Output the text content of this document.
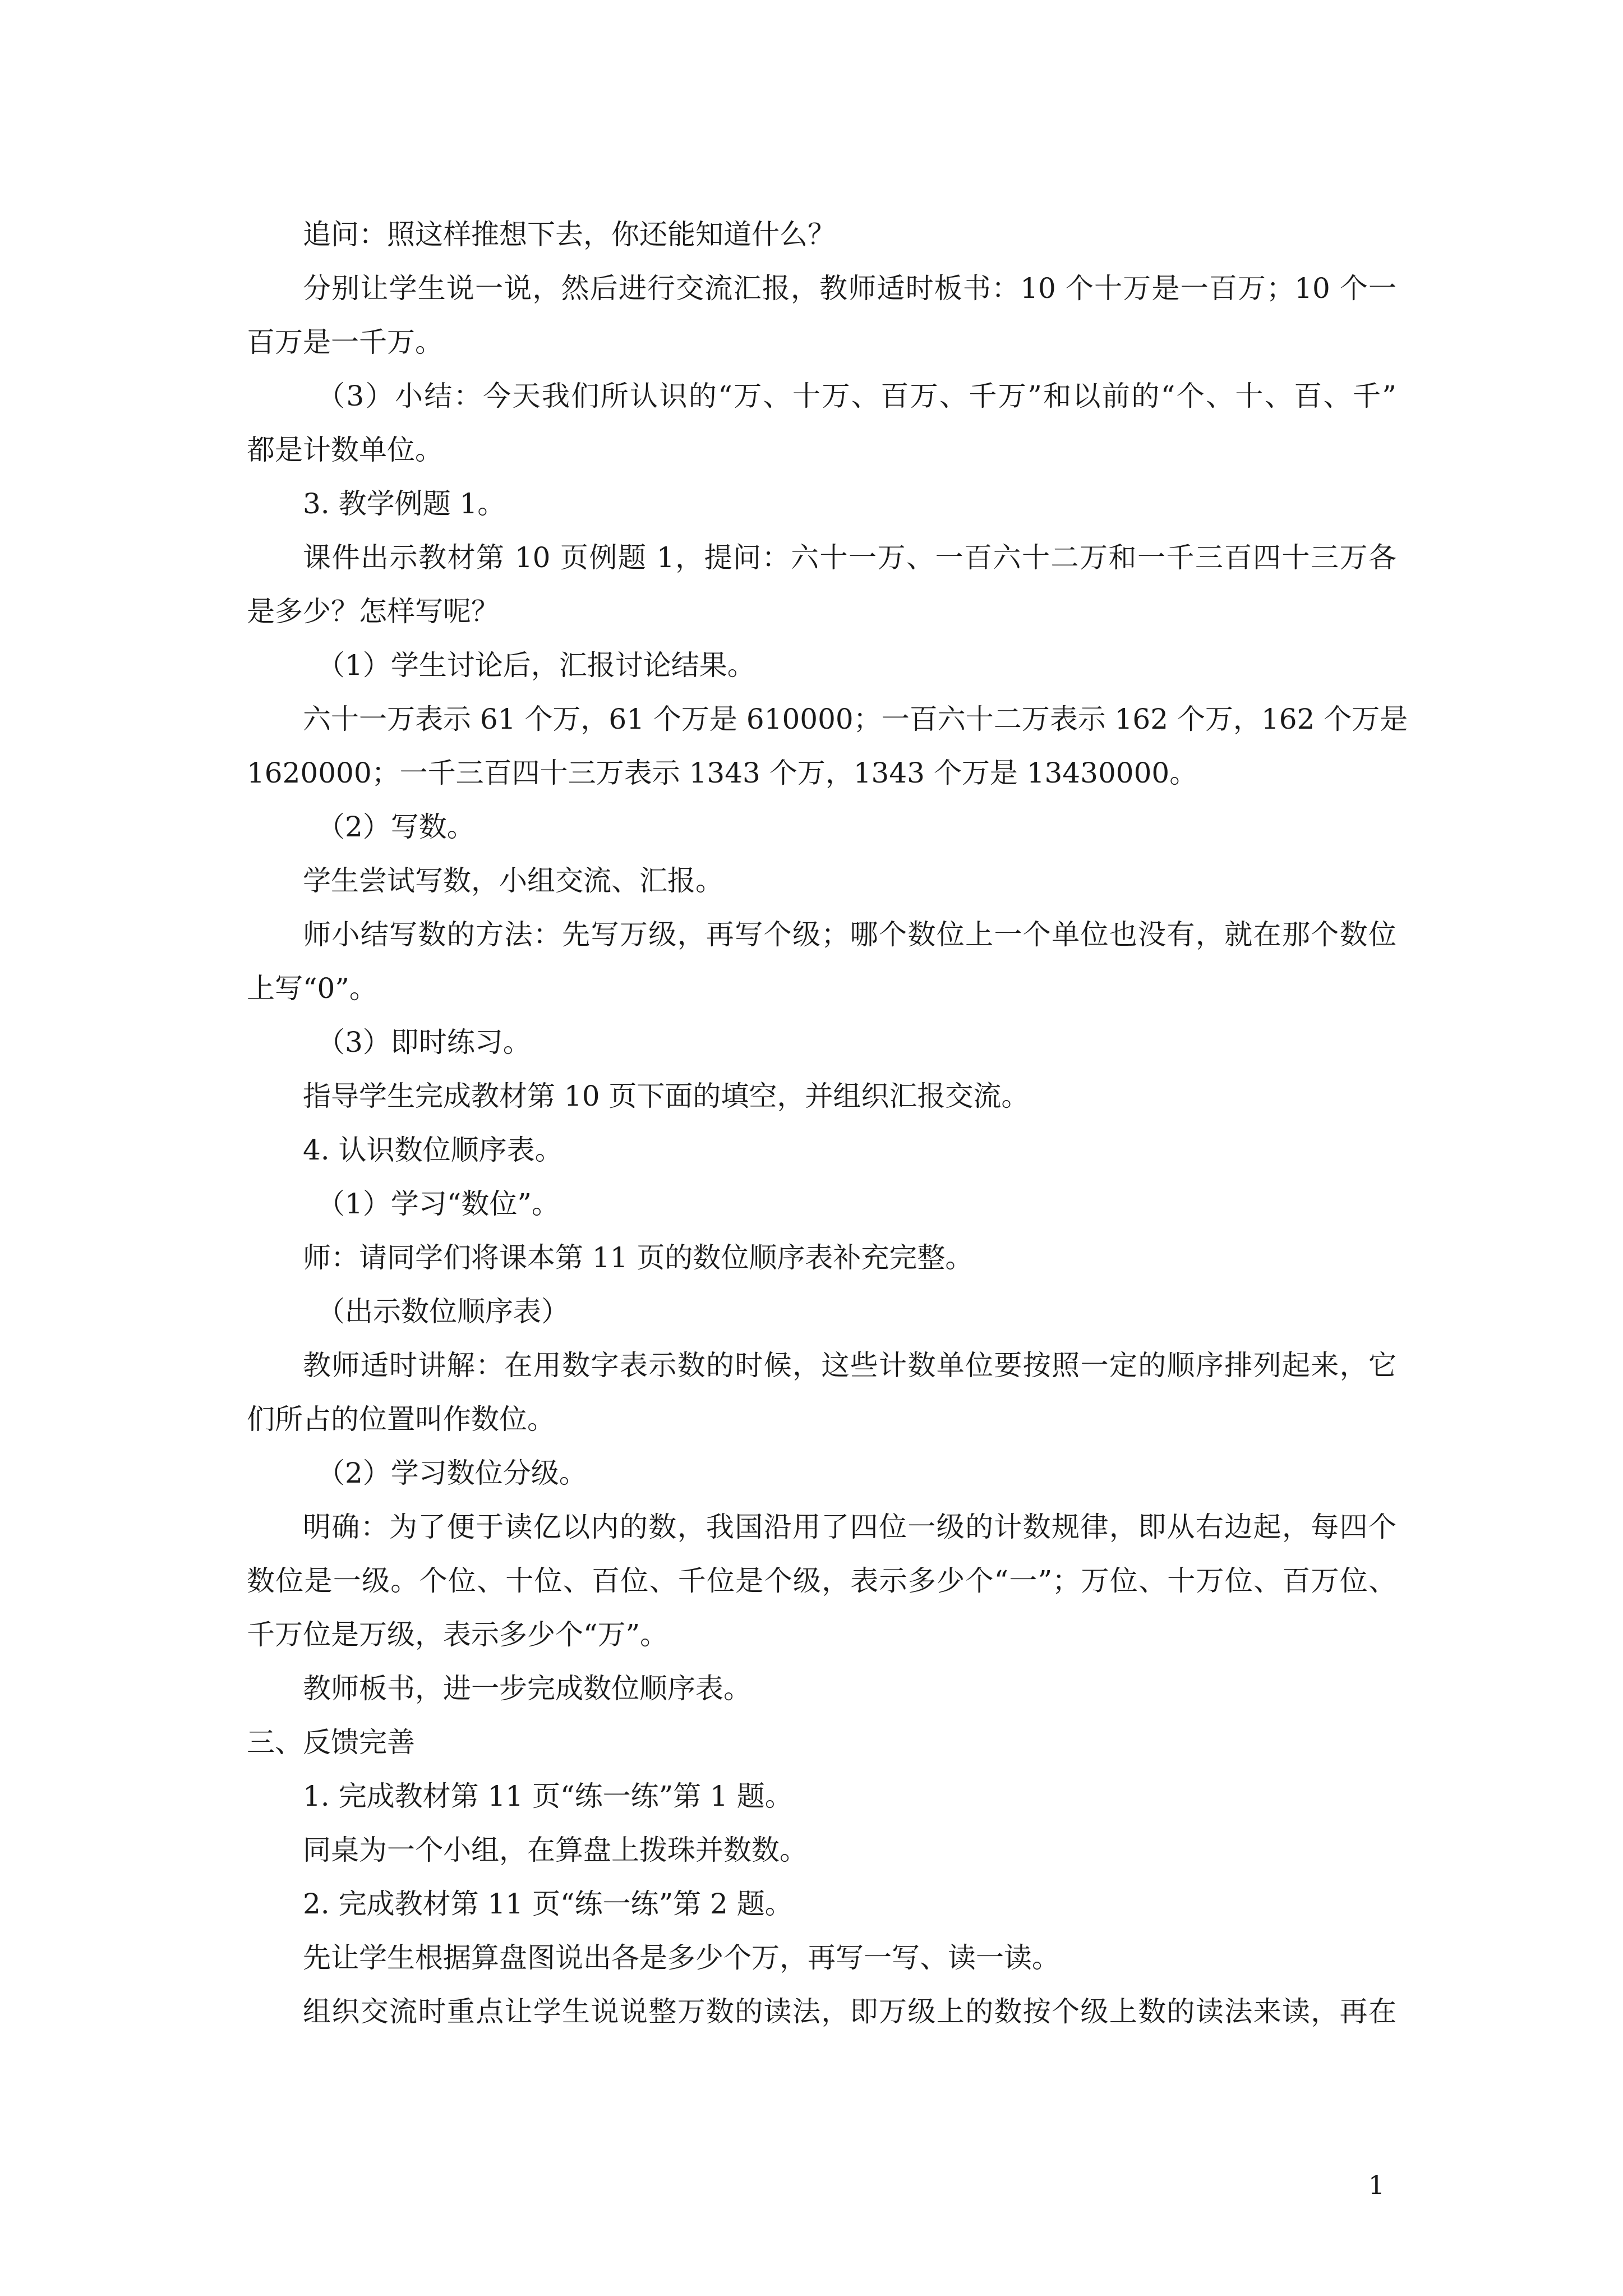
追问：照这样推想下去，你还能知道什么？

分别让学生说一说，然后进行交流汇报，教师适时板书：10 个十万是一百万；10 个一

百万是一千万。

（3）小结：今天我们所认识的“万、十万、百万、千万”和以前的“个、十、百、千”

都是计数单位。

3. 教学例题 1。

课件出示教材第 10 页例题 1，提问：六十一万、一百六十二万和一千三百四十三万各

是多少？怎样写呢？

（1）学生讨论后，汇报讨论结果。

六十一万表示 61 个万，61 个万是 610000；一百六十二万表示 162 个万，162 个万是

1620000；一千三百四十三万表示 1343 个万，1343 个万是 13430000。

（2）写数。

学生尝试写数，小组交流、汇报。

师小结写数的方法：先写万级，再写个级；哪个数位上一个单位也没有，就在那个数位

上写“0”。

（3）即时练习。

指导学生完成教材第 10 页下面的填空，并组织汇报交流。

4. 认识数位顺序表。

（1）学习“数位”。

师：请同学们将课本第 11 页的数位顺序表补充完整。

（出示数位顺序表）

教师适时讲解：在用数字表示数的时候，这些计数单位要按照一定的顺序排列起来，它

们所占的位置叫作数位。

（2）学习数位分级。

明确：为了便于读亿以内的数，我国沿用了四位一级的计数规律，即从右边起，每四个

数位是一级。个位、十位、百位、千位是个级，表示多少个“一”；万位、十万位、百万位、

千万位是万级，表示多少个“万”。

教师板书，进一步完成数位顺序表。

三、反馈完善

1. 完成教材第 11 页“练一练”第 1 题。

同桌为一个小组，在算盘上拨珠并数数。

2. 完成教材第 11 页“练一练”第 2 题。

先让学生根据算盘图说出各是多少个万，再写一写、读一读。

组织交流时重点让学生说说整万数的读法，即万级上的数按个级上数的读法来读，再在

1
